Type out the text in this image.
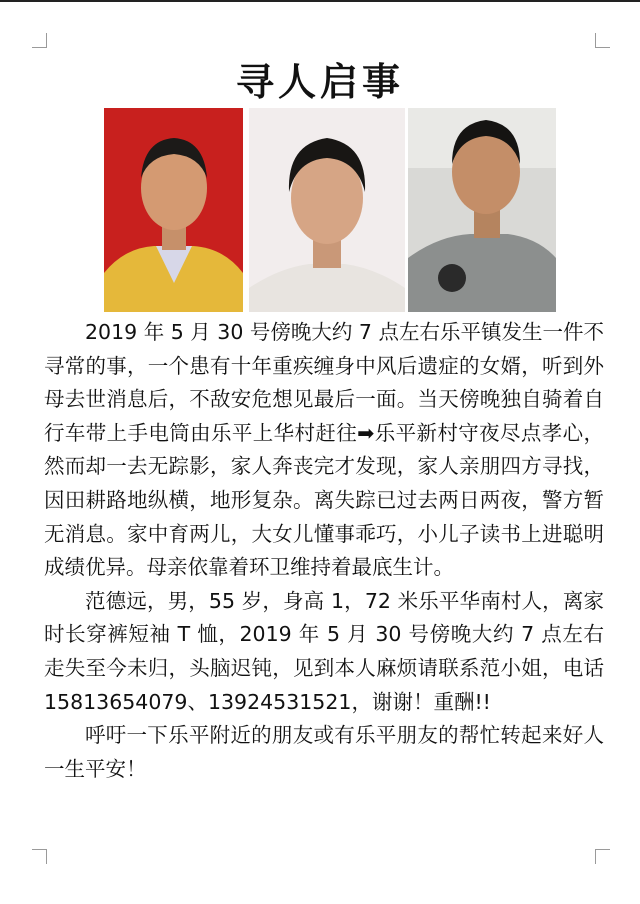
寻人启事

2019 年 5 月 30 号傍晚大约 7 点左右乐平镇发生一件不寻常的事，一个患有十年重疾缠身中风后遗症的女婿，听到外母去世消息后，不敌安危想见最后一面。当天傍晚独自骑着自行车带上手电筒由乐平上华村赶往➡乐平新村守夜尽点孝心，然而却一去无踪影，家人奔丧完才发现，家人亲朋四方寻找，因田耕路地纵横，地形复杂。离失踪已过去两日两夜，警方暂无消息。家中育两儿，大女儿懂事乖巧，小儿子读书上进聪明成绩优异。母亲依靠着环卫维持着最底生计。

范德远，男，55 岁，身高 1，72 米乐平华南村人，离家时长穿裤短袖 T 恤，2019 年 5 月 30 号傍晚大约 7 点左右走失至今未归，头脑迟钝，见到本人麻烦请联系范小姐，电话 15813654079、13924531521，谢谢！重酬!!

呼吁一下乐平附近的朋友或有乐平朋友的帮忙转起来好人一生平安！
